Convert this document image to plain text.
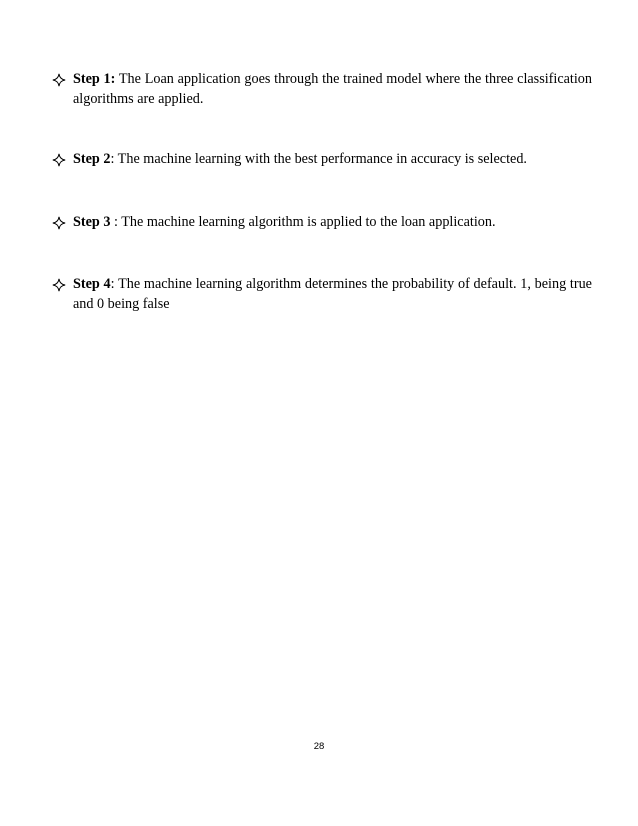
Step 1: The Loan application goes through the trained model where the three classification algorithms are applied.
Step 2: The machine learning with the best performance in accuracy is selected.
Step 3 : The machine learning algorithm is applied to the loan application.
Step 4: The machine learning algorithm determines the probability of default. 1, being true and 0 being false
28
